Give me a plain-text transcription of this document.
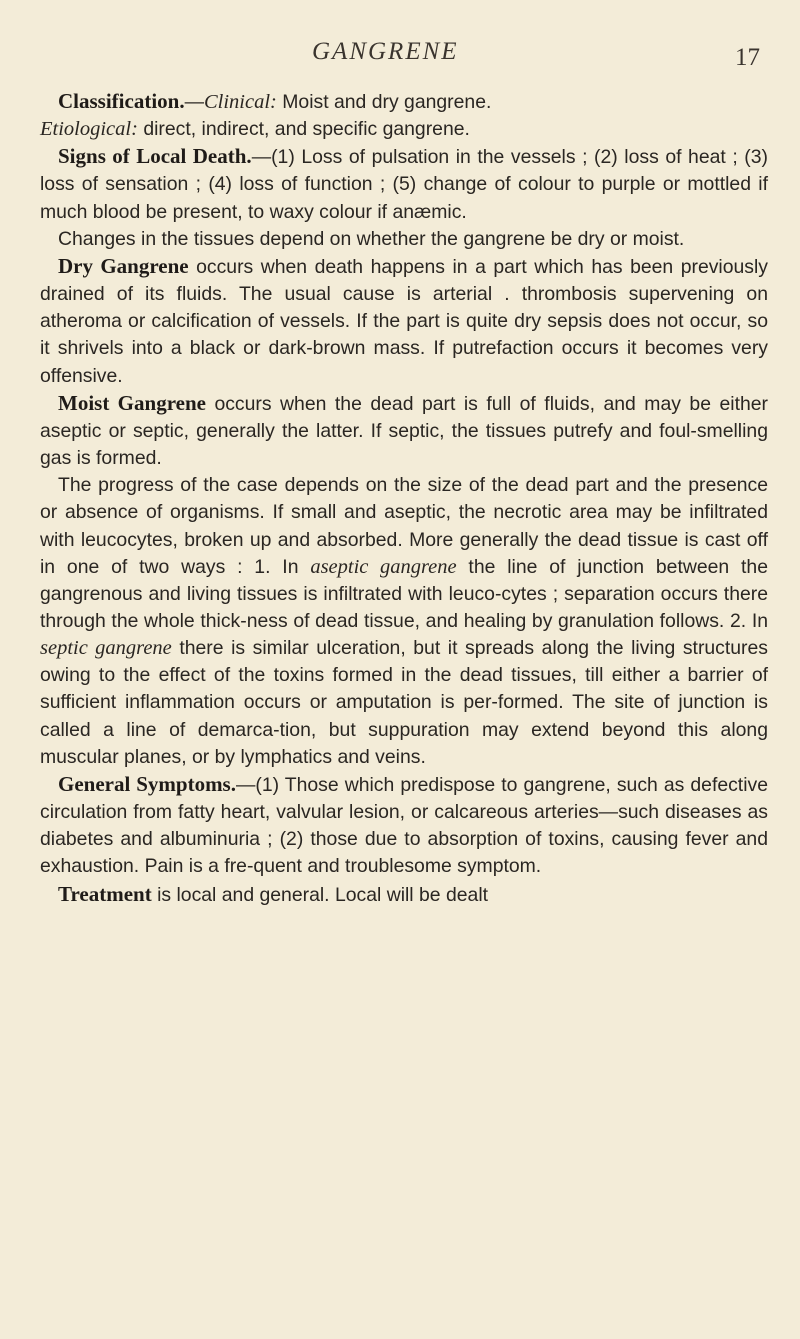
GANGRENE	17

Classification.—Clinical: Moist and dry gangrene.
Etiological: direct, indirect, and specific gangrene.

Signs of Local Death.—(1) Loss of pulsation in the vessels ; (2) loss of heat ; (3) loss of sensation ; (4) loss of function ; (5) change of colour to purple or mottled if much blood be present, to waxy colour if anæmic.

Changes in the tissues depend on whether the gangrene be dry or moist.

Dry Gangrene occurs when death happens in a part which has been previously drained of its fluids. The usual cause is arterial . thrombosis supervening on atheroma or calcification of vessels. If the part is quite dry sepsis does not occur, so it shrivels into a black or dark-brown mass. If putrefaction occurs it becomes very offensive.

Moist Gangrene occurs when the dead part is full of fluids, and may be either aseptic or septic, generally the latter. If septic, the tissues putrefy and foul-smelling gas is formed.

The progress of the case depends on the size of the dead part and the presence or absence of organisms. If small and aseptic, the necrotic area may be infiltrated with leucocytes, broken up and absorbed. More generally the dead tissue is cast off in one of two ways : 1. In aseptic gangrene the line of junction between the gangrenous and living tissues is infiltrated with leuco-cytes ; separation occurs there through the whole thick-ness of dead tissue, and healing by granulation follows. 2. In septic gangrene there is similar ulceration, but it spreads along the living structures owing to the effect of the toxins formed in the dead tissues, till either a barrier of sufficient inflammation occurs or amputation is per-formed. The site of junction is called a line of demarca-tion, but suppuration may extend beyond this along muscular planes, or by lymphatics and veins.

General Symptoms.—(1) Those which predispose to gangrene, such as defective circulation from fatty heart, valvular lesion, or calcareous arteries—such diseases as diabetes and albuminuria ; (2) those due to absorption of toxins, causing fever and exhaustion. Pain is a fre-quent and troublesome symptom.

Treatment is local and general. Local will be dealt
